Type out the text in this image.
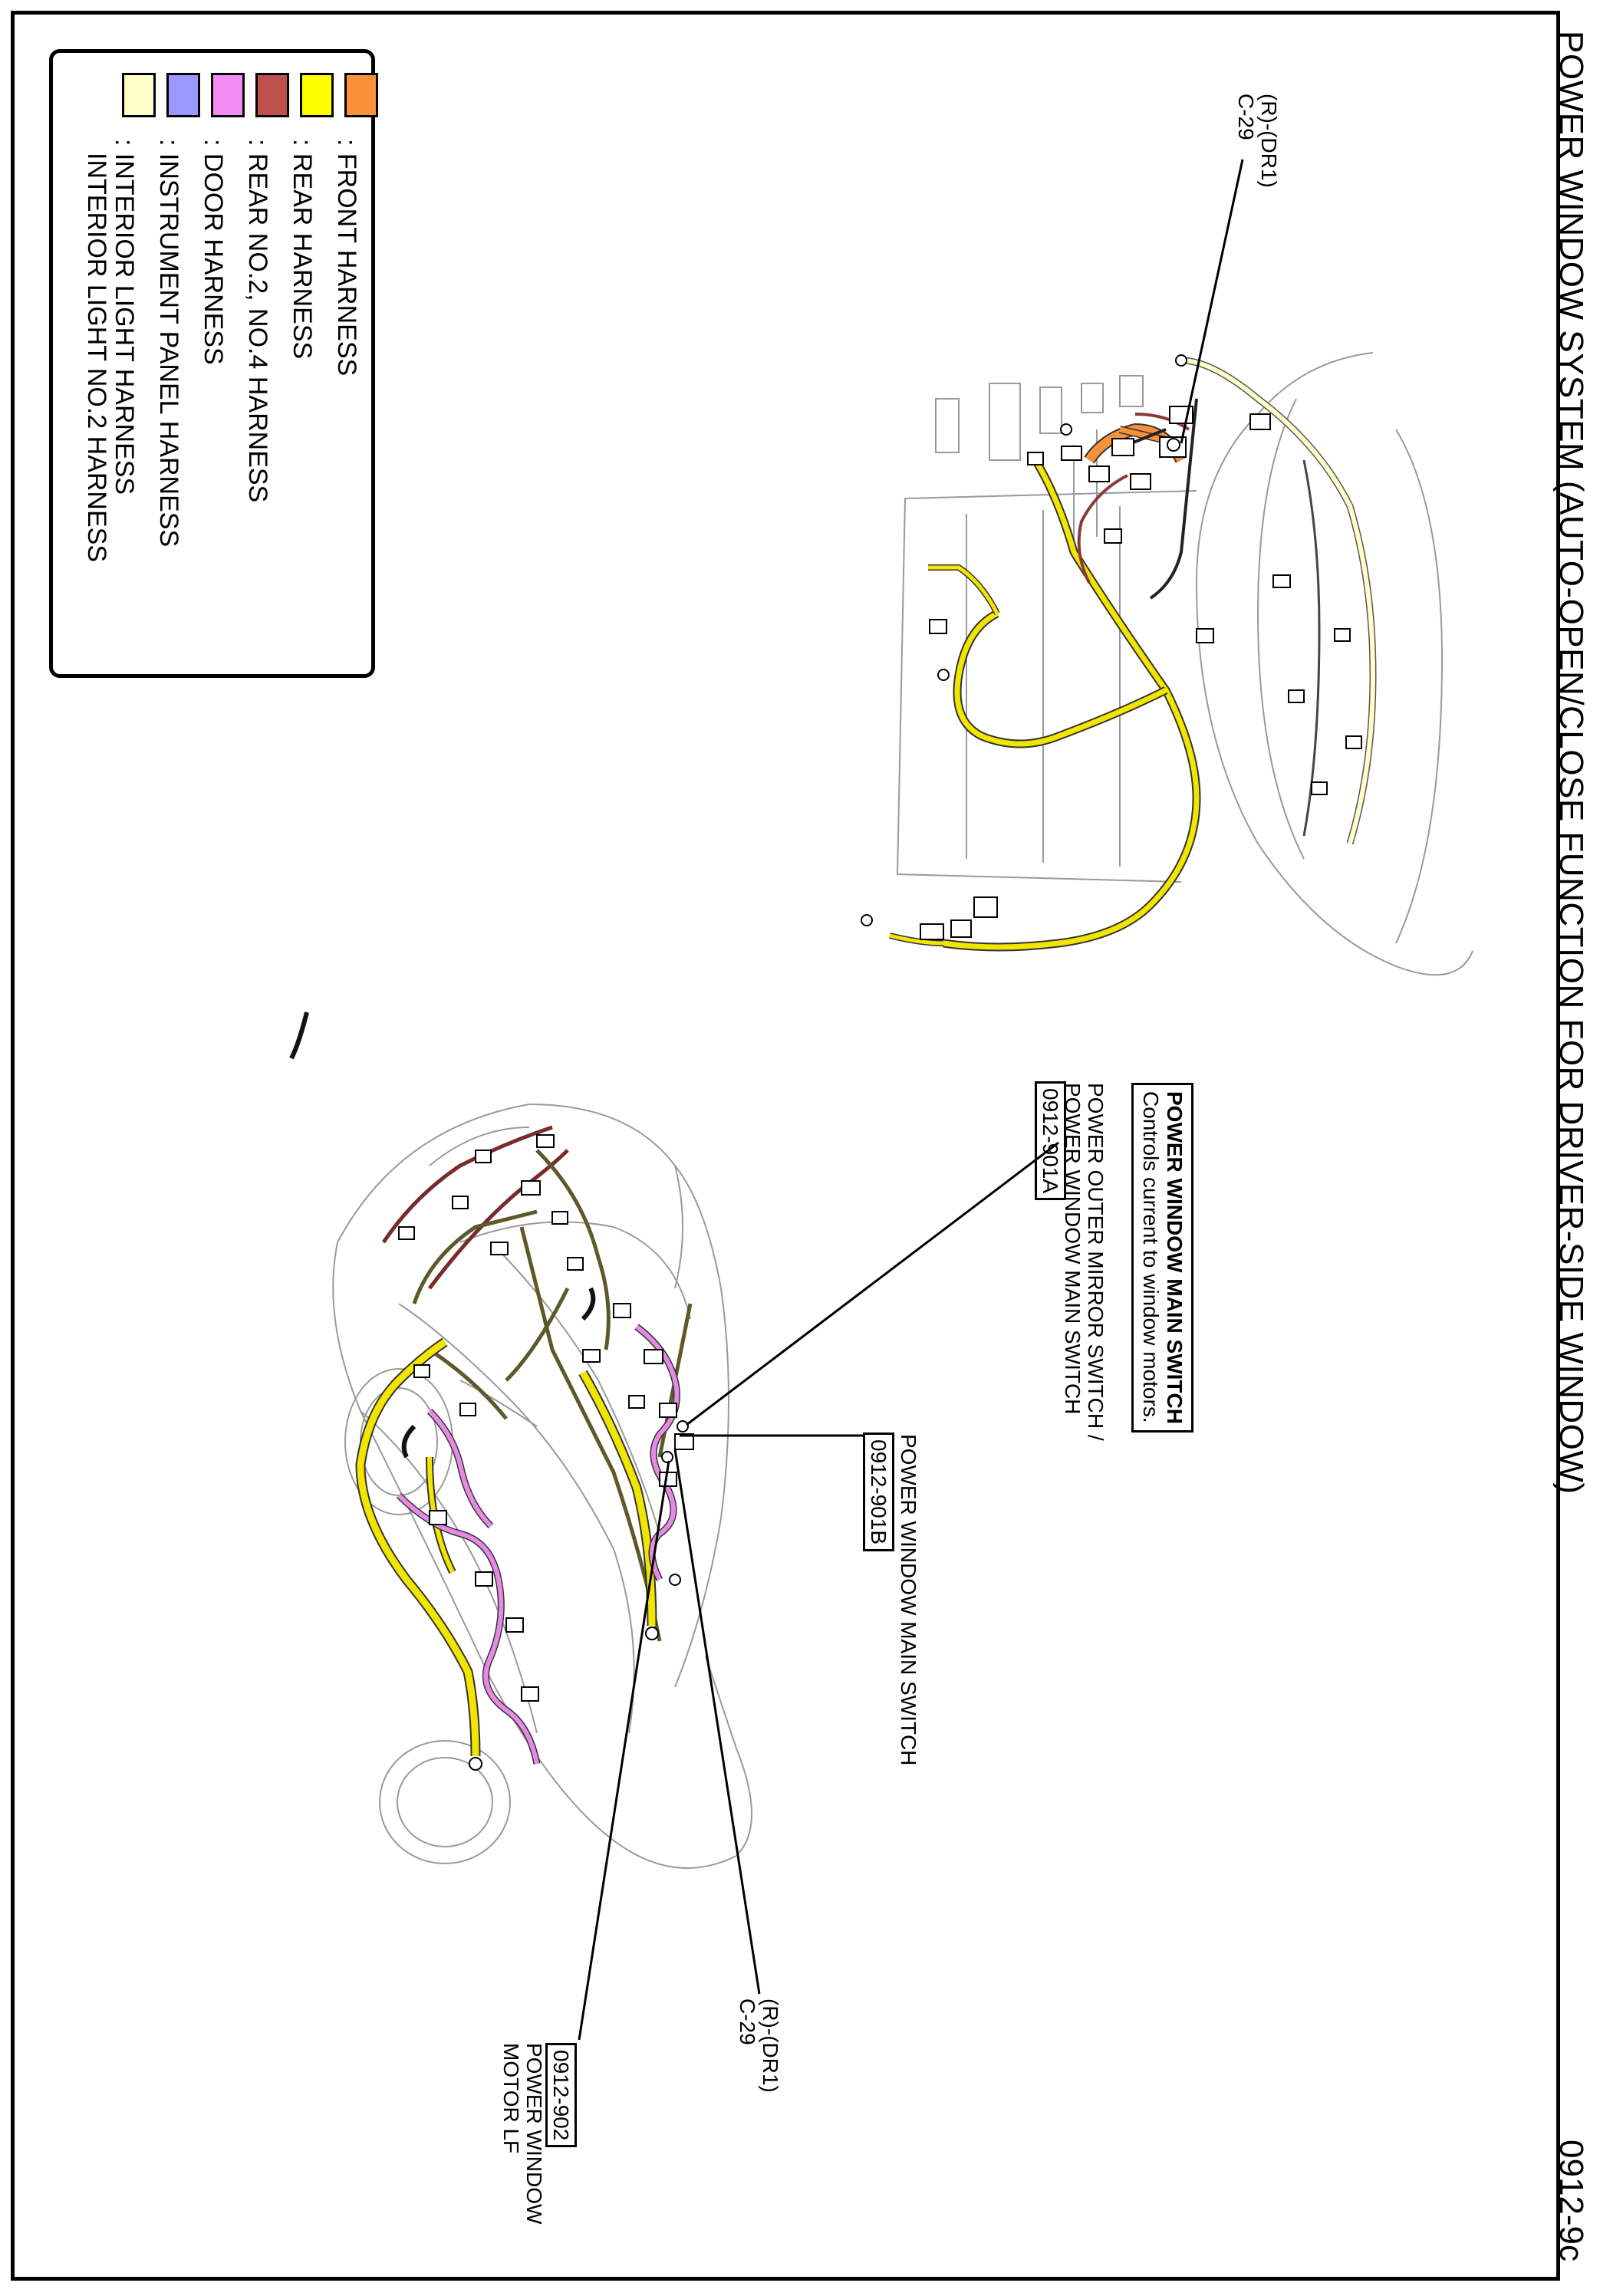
POWER WINDOW SYSTEM (AUTO-OPEN/CLOSE FUNCTION FOR DRIVER-SIDE WINDOW)
0912-9c
: FRONT HARNESS
: REAR HARNESS
: REAR NO.2, NO.4 HARNESS
: DOOR HARNESS
: INSTRUMENT PANEL HARNESS
: INTERIOR LIGHT HARNESS
INTERIOR LIGHT NO.2 HARNESS
(R)-(DR1)
C-29
POWER WINDOW MAIN SWITCH
Controls current to window motors.
POWER OUTER MIRROR SWITCH /
POWER WINDOW MAIN SWITCH
0912-901A
POWER WINDOW MAIN SWITCH
0912-901B
(R)-(DR1)
C-29
0912-902
POWER WINDOW
MOTOR LF
